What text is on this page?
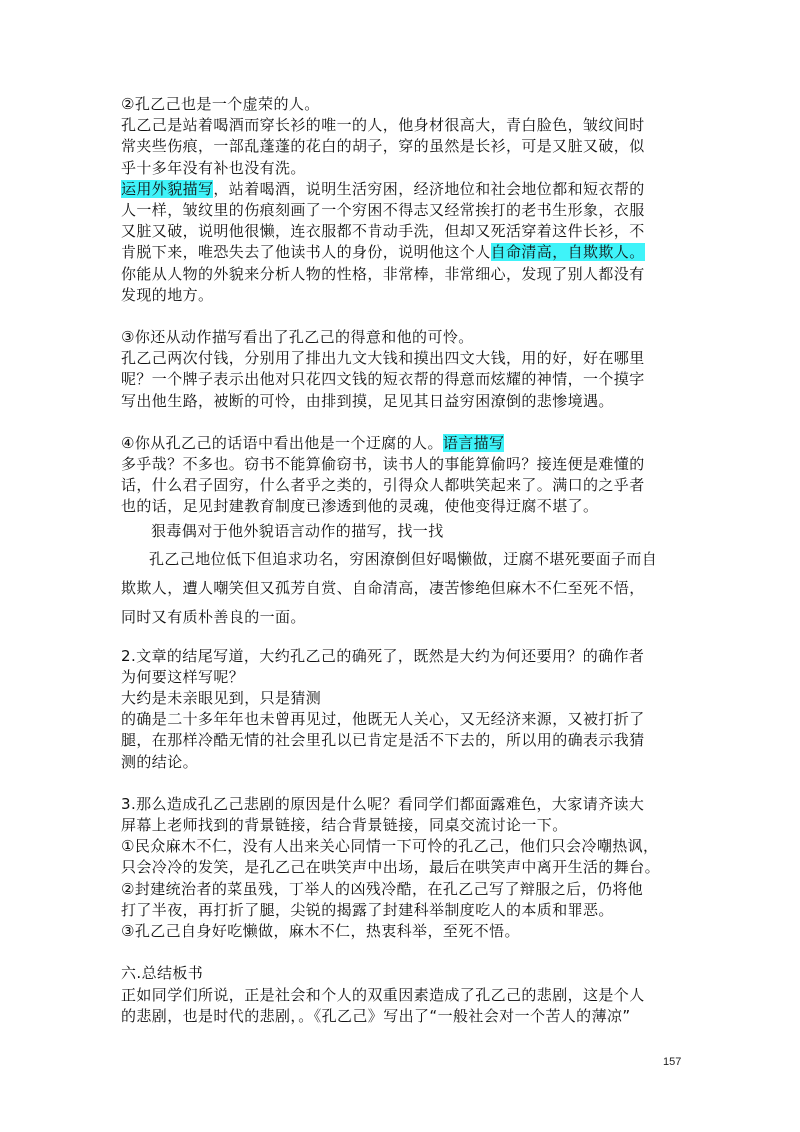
②孔乙己也是一个虚荣的人。

孔乙己是站着喝酒而穿长衫的唯一的人，他身材很高大，青白脸色，皱纹间时

常夹些伤痕，一部乱蓬蓬的花白的胡子，穿的虽然是长衫，可是又脏又破，似

乎十多年没有补也没有洗。

运用外貌描写，站着喝酒，说明生活穷困，经济地位和社会地位都和短衣帮的

人一样，皱纹里的伤痕刻画了一个穷困不得志又经常挨打的老书生形象，衣服

又脏又破，说明他很懒，连衣服都不肯动手洗，但却又死活穿着这件长衫，不

肯脱下来，唯恐失去了他读书人的身份，说明他这个人自命清高，自欺欺人。

你能从人物的外貌来分析人物的性格，非常棒，非常细心，发现了别人都没有

发现的地方。

③你还从动作描写看出了孔乙己的得意和他的可怜。

孔乙己两次付钱，分别用了排出九文大钱和摸出四文大钱，用的好，好在哪里

呢？一个牌子表示出他对只花四文钱的短衣帮的得意而炫耀的神情，一个摸字

写出他生路，被断的可怜，由排到摸，足见其日益穷困潦倒的悲惨境遇。

④你从孔乙己的话语中看出他是一个迂腐的人。语言描写

多乎哉？不多也。窃书不能算偷窃书，读书人的事能算偷吗？接连便是难懂的

话，什么君子固穷，什么者乎之类的，引得众人都哄笑起来了。满口的之乎者

也的话，足见封建教育制度已渗透到他的灵魂，使他变得迂腐不堪了。

狠毒偶对于他外貌语言动作的描写，找一找

孔乙己地位低下但追求功名，穷困潦倒但好喝懒做，迂腐不堪死要面子而自

欺欺人，遭人嘲笑但又孤芳自赏、自命清高，凄苦惨绝但麻木不仁至死不悟，

同时又有质朴善良的一面。

2.文章的结尾写道，大约孔乙己的确死了，既然是大约为何还要用？的确作者

为何要这样写呢？

大约是未亲眼见到，只是猜测

的确是二十多年年也未曾再见过，他既无人关心，又无经济来源，又被打折了

腿，在那样冷酷无情的社会里孔以已肯定是活不下去的，所以用的确表示我猜

测的结论。

3.那么造成孔乙己悲剧的原因是什么呢？看同学们都面露难色，大家请齐读大

屏幕上老师找到的背景链接，结合背景链接，同桌交流讨论一下。

①民众麻木不仁，没有人出来关心同情一下可怜的孔乙己，他们只会冷嘲热讽，

只会冷冷的发笑，是孔乙己在哄笑声中出场，最后在哄笑声中离开生活的舞台。

②封建统治者的菜虽残，丁举人的凶残冷酷，在孔乙己写了辩服之后，仍将他

打了半夜，再打折了腿，尖锐的揭露了封建科举制度吃人的本质和罪恶。

③孔乙己自身好吃懒做，麻木不仁，热衷科举，至死不悟。

六.总结板书

正如同学们所说，正是社会和个人的双重因素造成了孔乙己的悲剧，这是个人

的悲剧，也是时代的悲剧，。《孔乙己》写出了“一般社会对一个苦人的薄凉”

157
